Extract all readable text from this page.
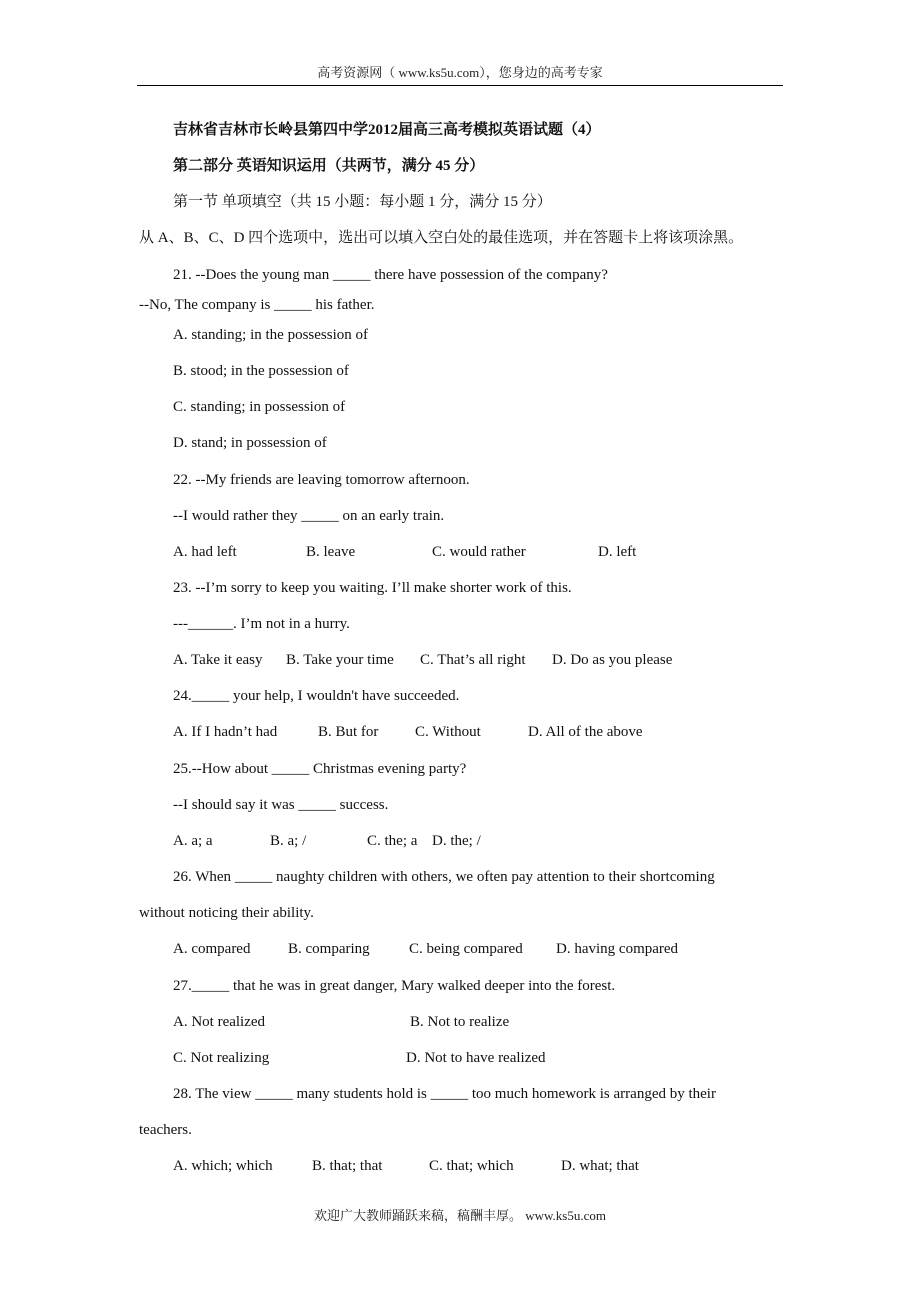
高考资源网（ www.ks5u.com），您身边的高考专家
吉林省吉林市长岭县第四中学2012届高三高考模拟英语试题（4）
第二部分 英语知识运用（共两节，满分 45 分）
第一节 单项填空（共 15 小题：每小题 1 分，满分 15 分）
从 A、B、C、D 四个选项中，选出可以填入空白处的最佳选项，并在答题卡上将该项涂黑。
21. --Does the young man _____ there have possession of the company?
--No, The company is _____ his father.
A. standing; in the possession of
B. stood; in the possession of
C. standing; in possession of
D. stand; in possession of
22. --My friends are leaving tomorrow afternoon.
--I would rather they _____ on an early train.
A. had left	B. leave	C. would rather	D. left
23. --I’m sorry to keep you waiting. I’ll make shorter work of this.
---______. I’m not in a hurry.
A. Take it easy B. Take your time C. That’s all right D. Do as you please
24._____ your help, I wouldn't have succeeded.
A. If I hadn’t had	B. But for C. Without	D. All of the above
25.--How about _____ Christmas evening party?
--I should say it was _____ success.
A. a; a	B. a; /	C. the; a D. the; /
26. When _____ naughty children with others, we often pay attention to their shortcoming
without noticing their ability.
A. compared	B. comparing	C. being compared D. having compared
27._____ that he was in great danger, Mary walked deeper into the forest.
A. Not realized	B. Not to realize
C. Not realizing	D. Not to have realized
28. The view _____ many students hold is _____ too much homework is arranged by their
teachers.
A. which; which	B. that; that	C. that; which	D. what; that
欢迎广大教师踊跃来稿，稿酬丰厚。 www.ks5u.com
